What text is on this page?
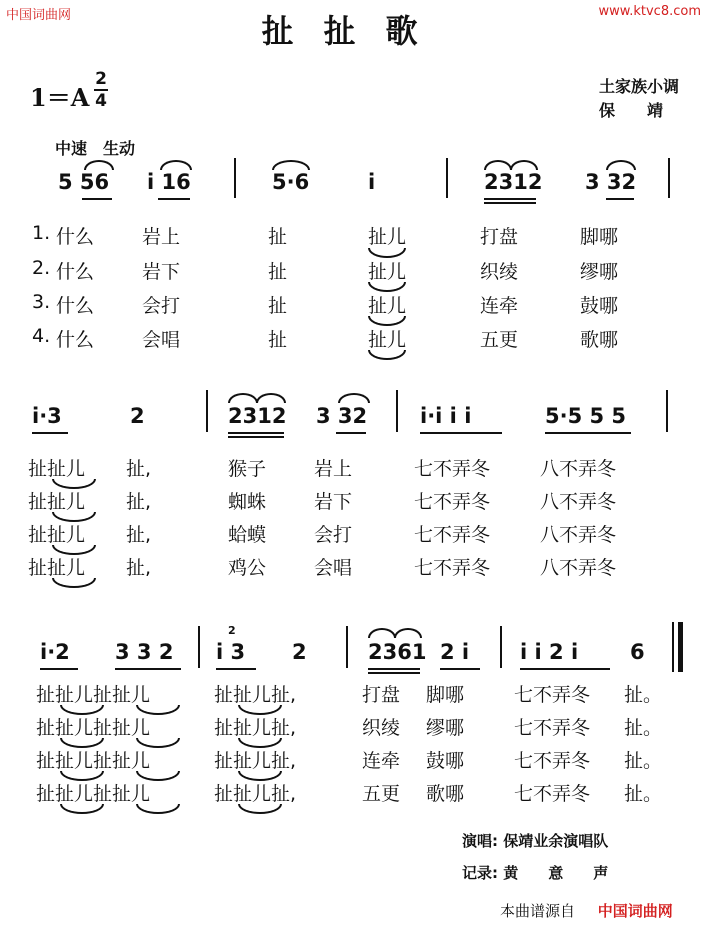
中国词曲网	www.ktvc8.com
扯扯歌
1＝A
2
4
土家族小调
保　　靖
中速　生动
5 56 i 16	5·6	i	2312 3 32
1. 什么	岩上	扯	扯儿	打盘	脚哪
2. 什么	岩下	扯	扯儿	织绫	缪哪
3. 什么	会打	扯	扯儿	连牵	鼓哪
4. 什么	会唱	扯	扯儿	五更	歌哪
i·3	2	2312 3 32	i·i i i	5·5 5 5
扯扯儿 扯,	猴子	岩上	七不弄冬	八不弄冬
扯扯儿 扯,	蜘蛛	岩下	七不弄冬	八不弄冬
扯扯儿 扯,	蛤蟆	会打	七不弄冬	八不弄冬
扯扯儿 扯,	鸡公	会唱	七不弄冬	八不弄冬
i·2 3 3 2 i 3 2	2361 2 i i i 2 i 6
2
扯扯儿扯扯儿	扯扯儿扯,	打盘 脚哪	七不弄冬 扯。
扯扯儿扯扯儿	扯扯儿扯,	织绫 缪哪	七不弄冬 扯。
扯扯儿扯扯儿	扯扯儿扯,	连牵 鼓哪	七不弄冬 扯。
扯扯儿扯扯儿	扯扯儿扯,	五更 歌哪	七不弄冬 扯。
演唱: 保靖业余演唱队
记录: 黄　　意　　声
本曲谱源自 中国词曲网
